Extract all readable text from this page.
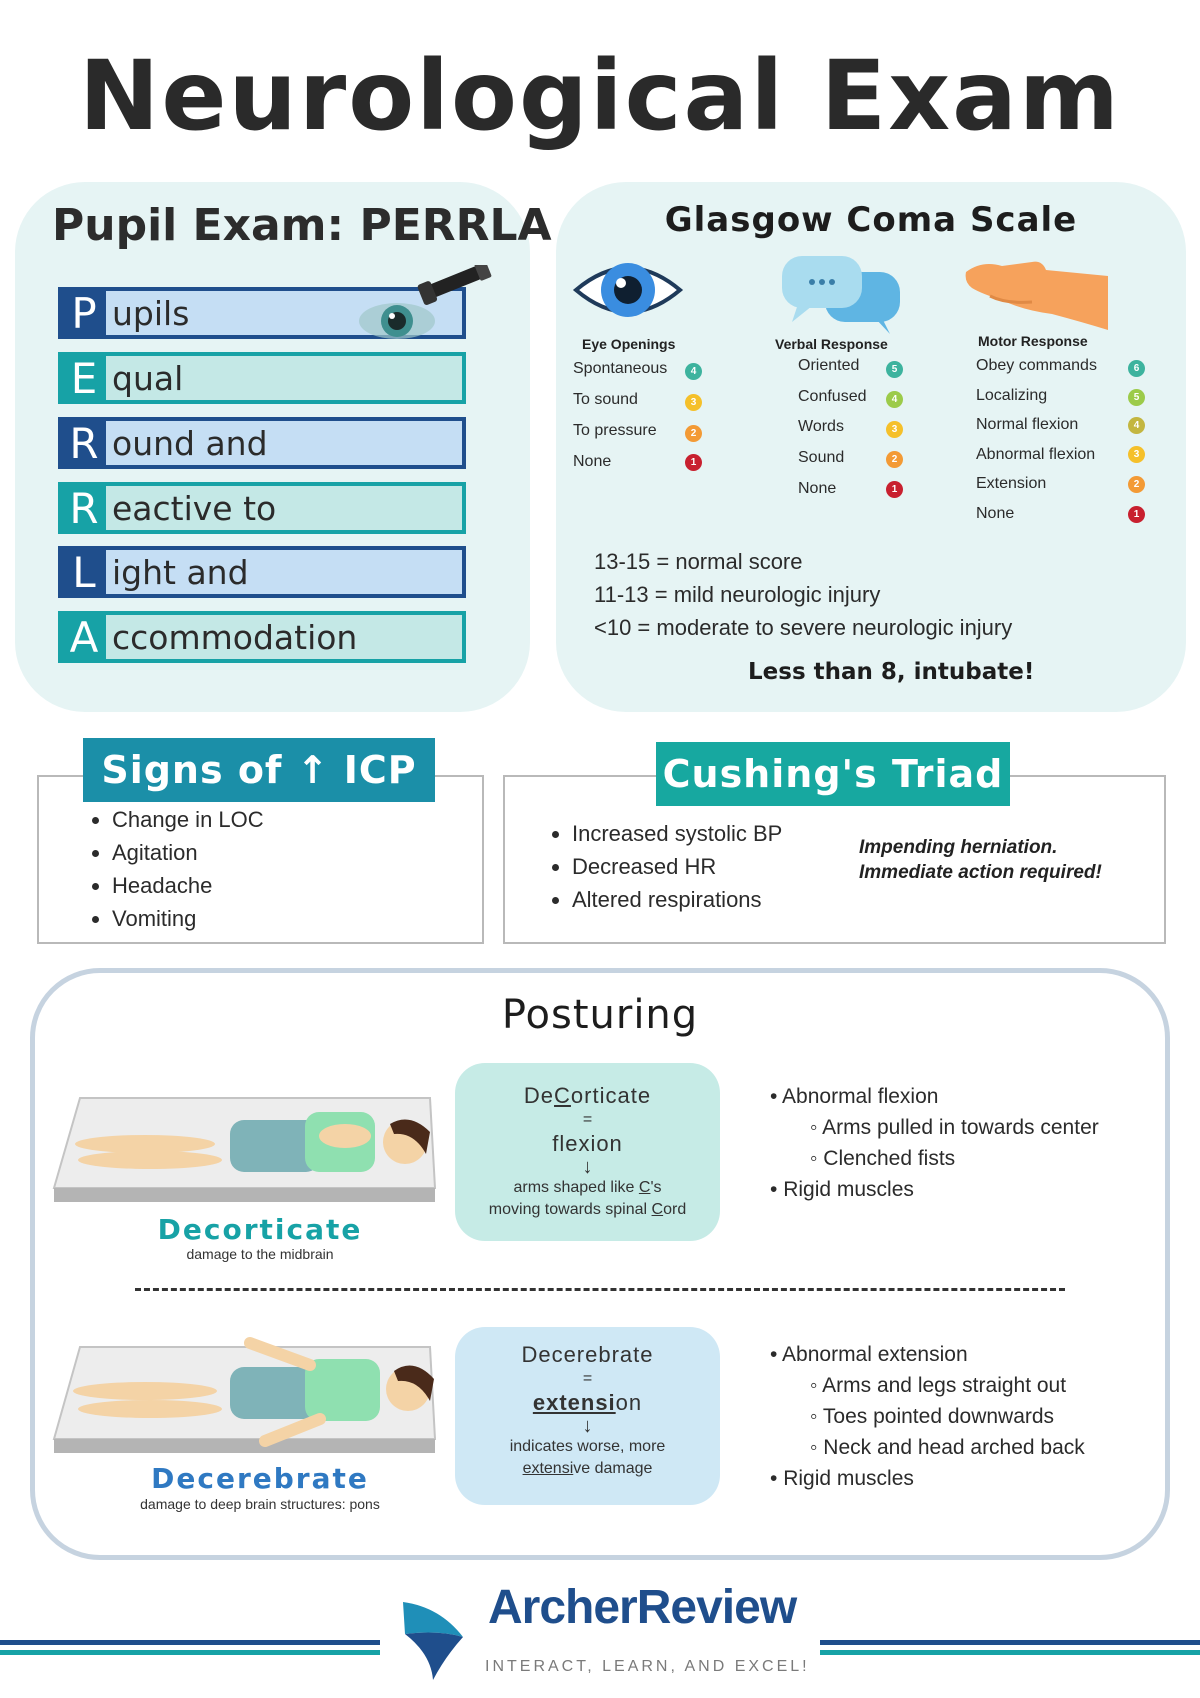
Neurological Exam
Pupil Exam: PERRLA
P upils
E qual
R ound and
R eactive to
L ight and
A ccommodation
Glasgow Coma Scale
Eye Openings	Verbal Response	Motor Response
Spontaneous
To sound
To pressure
None
4
3
2
1
Oriented
Confused
Words
Sound
None
5
4
3
2
1
Obey commands
Localizing
Normal flexion
Abnormal flexion
Extension
None
6
5
4
3
2
1
13-15 = normal score
11-13 = mild neurologic injury
<10 = moderate to severe neurologic injury
Less than 8, intubate!
Signs of ↑ ICP
• Change in LOC
• Agitation
• Headache
• Vomiting
Cushing's Triad
• Increased systolic BP
• Decreased HR
• Altered respirations
Impending herniation.
Immediate action required!
Posturing
Decorticate
damage to the midbrain
DeCorticate
=
flexion
↓
arms shaped like C's
moving towards spinal Cord
• Abnormal flexion
◦ Arms pulled in towards center
◦ Clenched fists
• Rigid muscles
Decerebrate
damage to deep brain structures: pons
Decerebrate
=
extension
↓
indicates worse, more
extensive damage
• Abnormal extension
◦ Arms and legs straight out
◦ Toes pointed downwards
◦ Neck and head arched back
• Rigid muscles
ArcherReview
INTERACT, LEARN, AND EXCEL!
